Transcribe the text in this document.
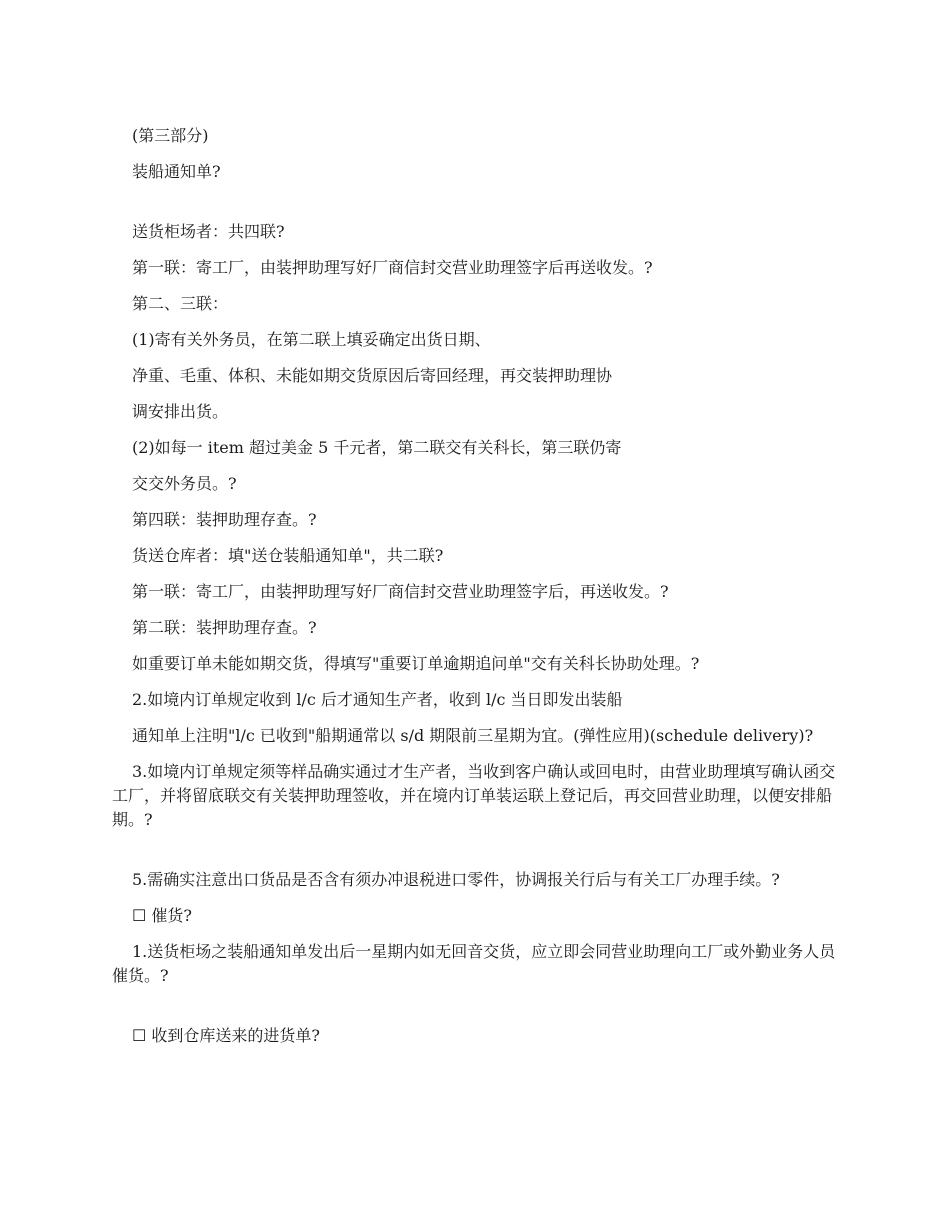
(第三部分)

装船通知单?

送货柜场者：共四联?

第一联：寄工厂，由装押助理写好厂商信封交营业助理签字后再送收发。?

第二、三联：

(1)寄有关外务员，在第二联上填妥确定出货日期、

净重、毛重、体积、未能如期交货原因后寄回经理，再交装押助理协

调安排出货。

(2)如每一 item 超过美金 5 千元者，第二联交有关科长，第三联仍寄

交交外务员。?

第四联：装押助理存查。?

货送仓库者：填"送仓装船通知单"，共二联?

第一联：寄工厂，由装押助理写好厂商信封交营业助理签字后，再送收发。?

第二联：装押助理存查。?

如重要订单未能如期交货，得填写"重要订单逾期追问单"交有关科长协助处理。?

2.如境内订单规定收到 l/c 后才通知生产者，收到 l/c 当日即发出装船

通知单上注明"l/c 已收到"船期通常以 s/d 期限前三星期为宜。(弹性应用)(schedule delivery)?

3.如境内订单规定须等样品确实通过才生产者，当收到客户确认或回电时，由营业助理填写确认函交工厂，并将留底联交有关装押助理签收，并在境内订单装运联上登记后，再交回营业助理，以便安排船期。?

5.需确实注意出口货品是否含有须办冲退税进口零件，协调报关行后与有关工厂办理手续。?

☐ 催货?

1.送货柜场之装船通知单发出后一星期内如无回音交货，应立即会同营业助理向工厂或外勤业务人员催货。?

☐ 收到仓库送来的进货单?
